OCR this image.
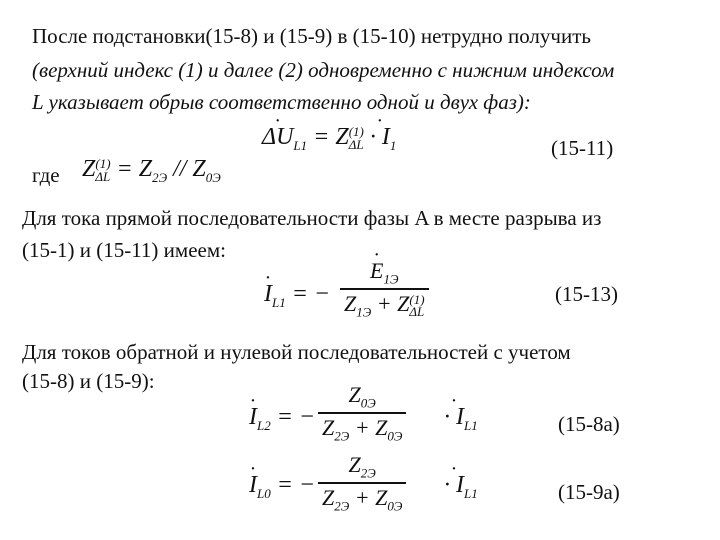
После подстановки(15-8) и (15-9) в (15-10) нетрудно получить
(верхний индекс (1) и далее (2) одновременно с нижним индексом
L указывает обрыв соответственно одной и двух фаз):
· $\Delta U_{L1} = Z$ (1)
ΔL
· · $I_1$	(15-11)
где Z (1)
$\Delta L = Z_{2Э} // Z_{0Э}$
Для тока прямой последовательности фазы A в месте разрыва из
(15-1) и (15-11) имеем:
· $I_{L1}$ = −
· $E_{1Э}$
$Z_{1Э} + Z$ (1)
ΔL
(15-13)
Для токов обратной и нулевой последовательностей с учетом
(15-8) и (15-9):
· $I_{L2}$ = −
$Z_{0Э}$
$Z_{2Э} + Z_{0Э}$
· · $I_{L1}$	(15-8а)
· $I_{L0}$ = −
$Z_{2Э}$
$Z_{2Э} + Z_{0Э}$
· · $I_{L1}$	(15-9а)
